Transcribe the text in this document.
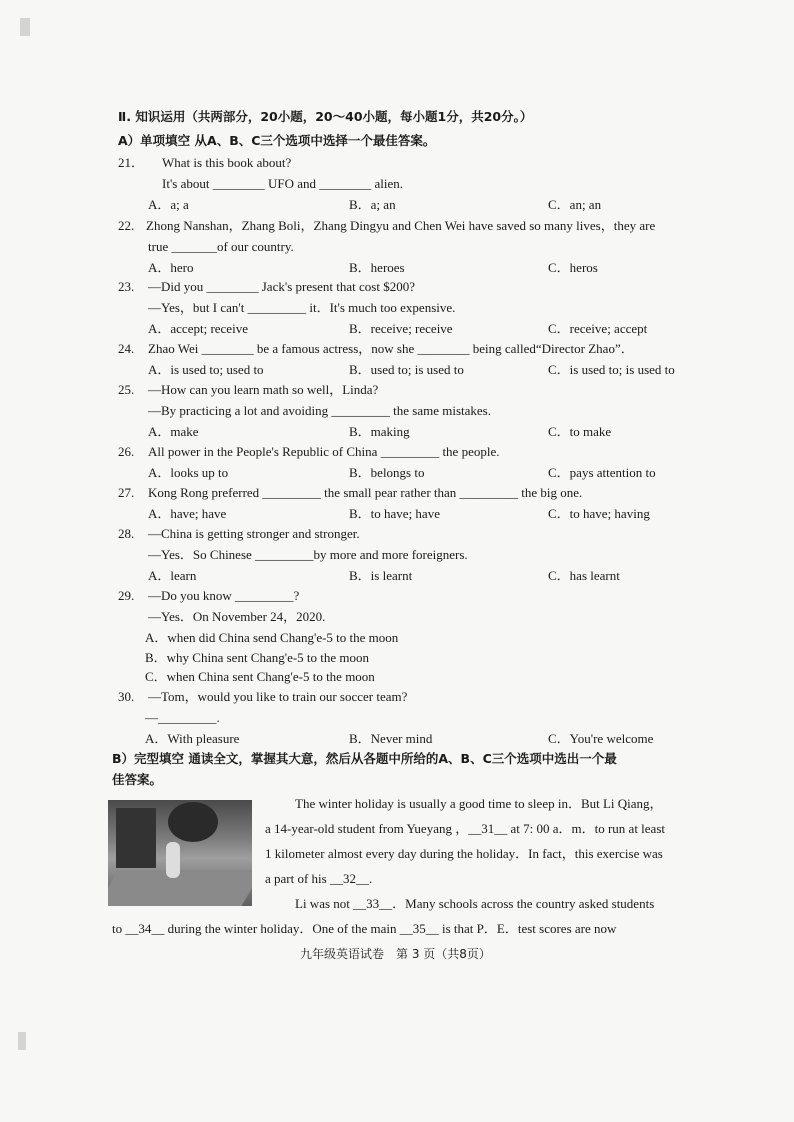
Ⅱ. 知识运用（共两部分，20小题，20～40小题，每小题1分，共20分。）
A）单项填空 从A、B、C三个选项中选择一个最佳答案。
21． What is this book about?
It's about ________ UFO and ________ alien.
A．a; a	B．a; an	C．an; an
22. Zhong Nanshan，Zhang Boli，Zhang Dingyu and Chen Wei have saved so many lives，they are
true _______of our country.
A．hero	B．heroes	C．heros
23. —Did you ________ Jack's present that cost $200?
—Yes，but I can't _________ it．It's much too expensive.
A．accept; receive	B．receive; receive	C．receive; accept
24. Zhao Wei ________ be a famous actress，now she ________ being called“Director Zhao”．
A．is used to; used to	B．used to; is used to	C．is used to; is used to
25. —How can you learn math so well，Linda?
—By practicing a lot and avoiding _________ the same mistakes.
A．make	B．making	C．to make
26. All power in the People's Republic of China _________ the people.
A．looks up to	B．belongs to	C．pays attention to
27. Kong Rong preferred _________ the small pear rather than _________ the big one.
A．have; have	B．to have; have	C．to have; having
28. —China is getting stronger and stronger.
—Yes．So Chinese _________by more and more foreigners.
A．learn	B．is learnt	C．has learnt
29. —Do you know _________?
—Yes．On November 24，2020.
A．when did China send Chang'e-5 to the moon
B．why China sent Chang'e-5 to the moon
C．when China sent Chang'e-5 to the moon
30. —Tom，would you like to train our soccer team?
—_________.
A．With pleasure	B．Never mind	C．You're welcome
B）完型填空 通读全文，掌握其大意，然后从各题中所给的A、B、C三个选项中选出一个最
佳答案。
The winter holiday is usually a good time to sleep in．But Li Qiang，
a 14-year-old student from Yueyang ，__31__ at 7: 00 a．m．to run at least
1 kilometer almost every day during the holiday．In fact，this exercise was
a part of his __32__.
Li was not __33__．Many schools across the country asked students
to __34__ during the winter holiday．One of the main __35__ is that P．E．test scores are now
九年级英语试卷　第 3 页（共8页）
